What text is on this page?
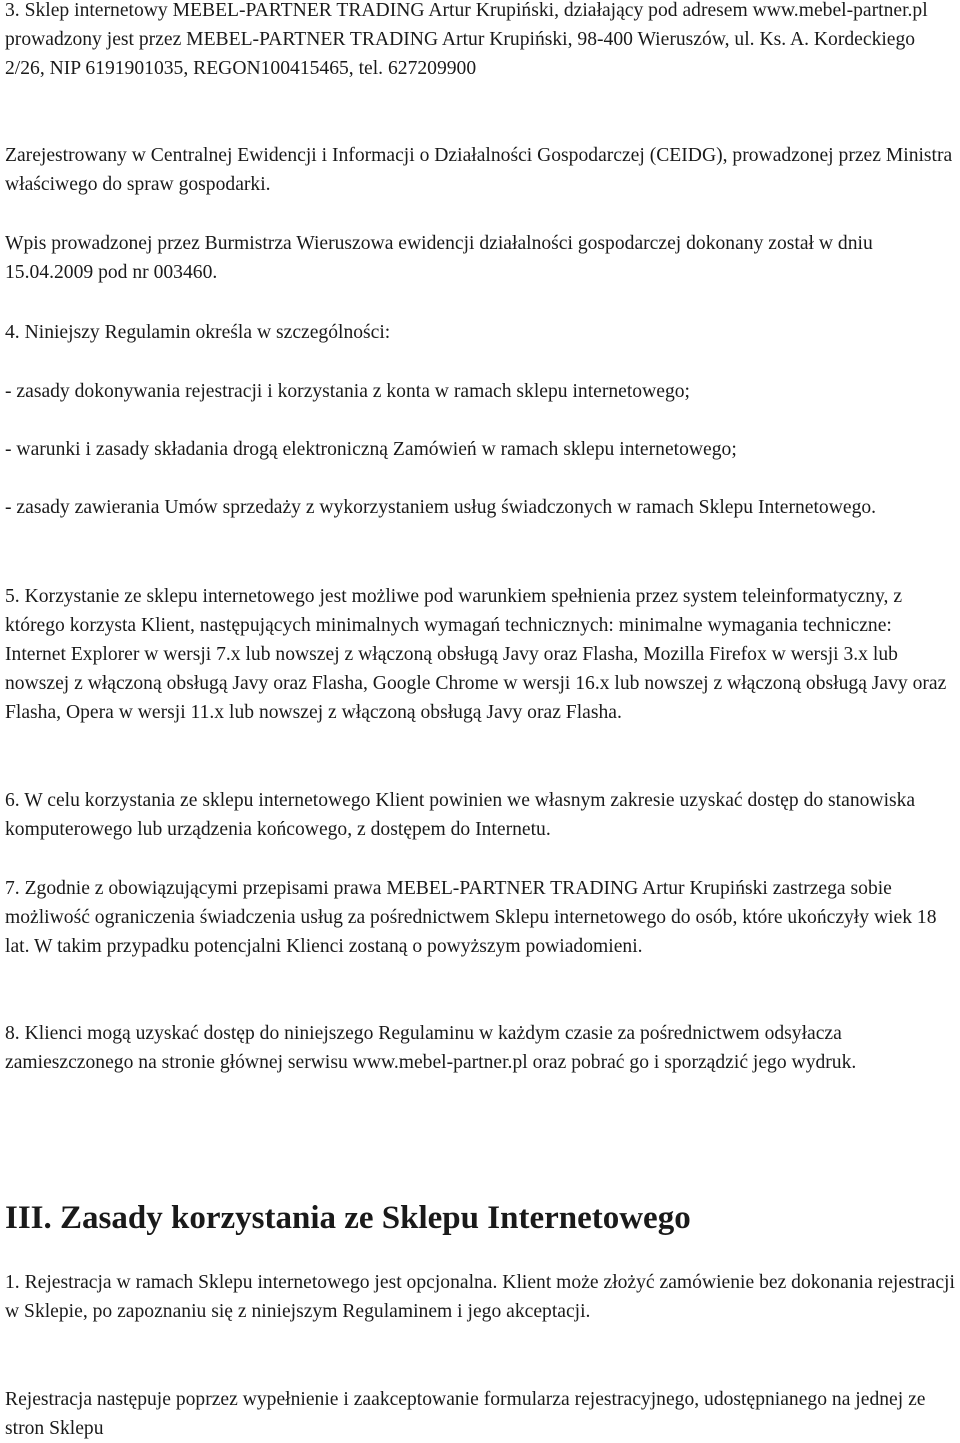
3. Sklep internetowy MEBEL-PARTNER TRADING Artur Krupiński, działający pod adresem www.mebel-partner.pl prowadzony jest przez MEBEL-PARTNER TRADING Artur Krupiński, 98-400 Wieruszów, ul. Ks. A. Kordeckiego 2/26, NIP 6191901035, REGON100415465, tel. 627209900

Zarejestrowany w Centralnej Ewidencji i Informacji o Działalności Gospodarczej (CEIDG), prowadzonej przez Ministra właściwego do spraw gospodarki.

Wpis prowadzonej przez Burmistrza Wieruszowa ewidencji działalności gospodarczej dokonany został w dniu 15.04.2009 pod nr 003460.

4. Niniejszy Regulamin określa w szczególności:

- zasady dokonywania rejestracji i korzystania z konta w ramach sklepu internetowego;

- warunki i zasady składania drogą elektroniczną Zamówień w ramach sklepu internetowego;

- zasady zawierania Umów sprzedaży z wykorzystaniem usług świadczonych w ramach Sklepu Internetowego.

5. Korzystanie ze sklepu internetowego jest możliwe pod warunkiem spełnienia przez system teleinformatyczny, z którego korzysta Klient, następujących minimalnych wymagań technicznych: minimalne wymagania techniczne: Internet Explorer w wersji 7.x lub nowszej z włączoną obsługą Javy oraz Flasha, Mozilla Firefox w wersji 3.x lub nowszej z włączoną obsługą Javy oraz Flasha, Google Chrome w wersji 16.x lub nowszej z włączoną obsługą Javy oraz Flasha, Opera w wersji 11.x lub nowszej z włączoną obsługą Javy oraz Flasha.

6. W celu korzystania ze sklepu internetowego Klient powinien we własnym zakresie uzyskać dostęp do stanowiska komputerowego lub urządzenia końcowego, z dostępem do Internetu.

7. Zgodnie z obowiązującymi przepisami prawa MEBEL-PARTNER TRADING Artur Krupiński zastrzega sobie możliwość ograniczenia świadczenia usług za pośrednictwem Sklepu internetowego do osób, które ukończyły wiek 18 lat. W takim przypadku potencjalni Klienci zostaną o powyższym powiadomieni.

8. Klienci mogą uzyskać dostęp do niniejszego Regulaminu w każdym czasie za pośrednictwem odsyłacza zamieszczonego na stronie głównej serwisu www.mebel-partner.pl oraz pobrać go i sporządzić jego wydruk.

III. Zasady korzystania ze Sklepu Internetowego

1. Rejestracja w ramach Sklepu internetowego jest opcjonalna. Klient może złożyć zamówienie bez dokonania rejestracji w Sklepie, po zapoznaniu się z niniejszym Regulaminem i jego akceptacji.

Rejestracja następuje poprzez wypełnienie i zaakceptowanie formularza rejestracyjnego, udostępnianego na jednej ze stron Sklepu
